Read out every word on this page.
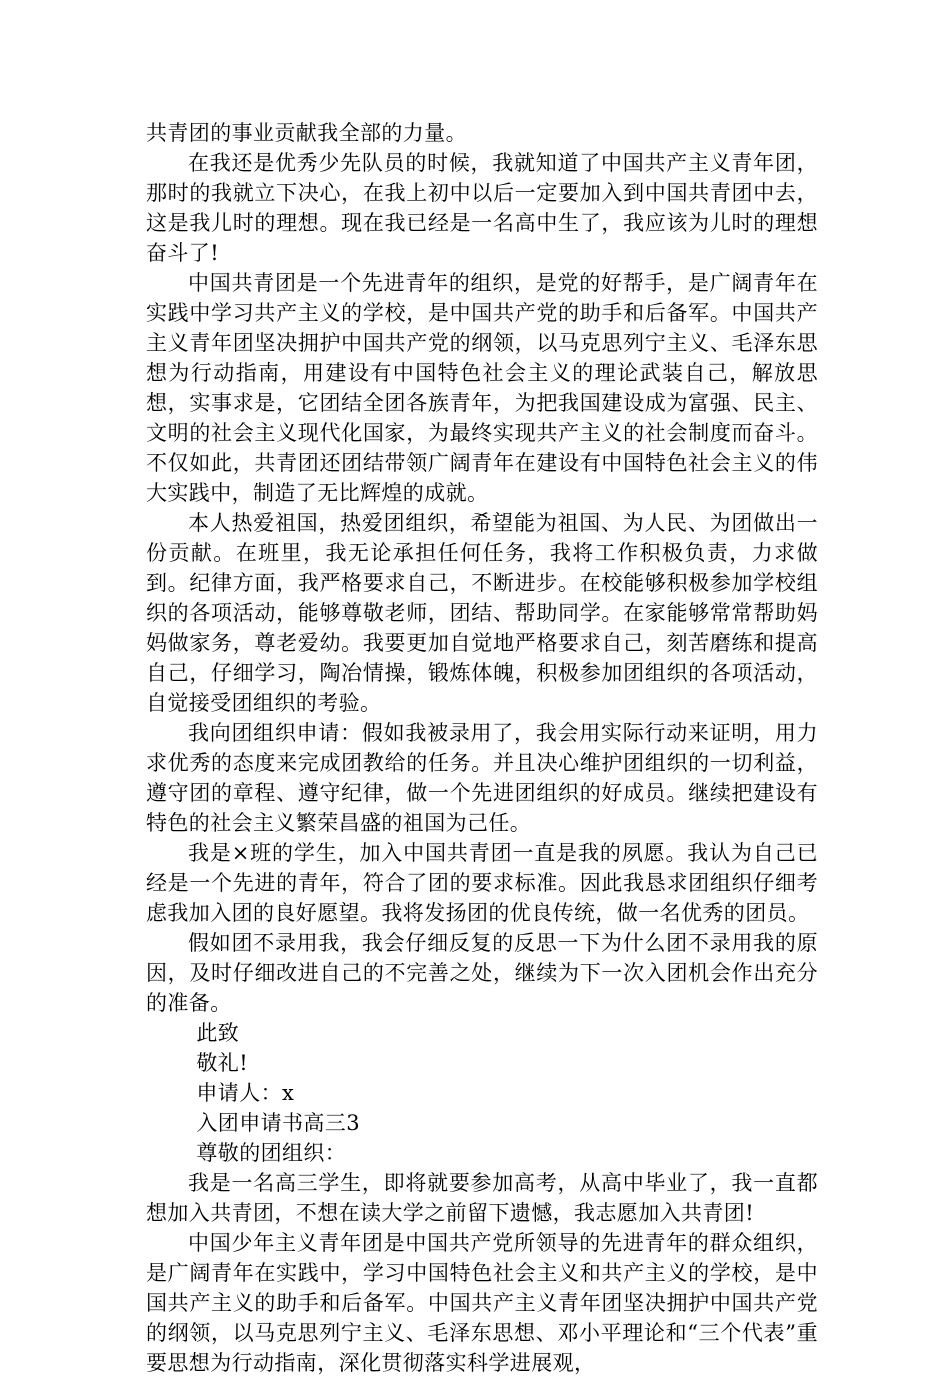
共青团的事业贡献我全部的力量。

在我还是优秀少先队员的时候，我就知道了中国共产主义青年团，那时的我就立下决心，在我上初中以后一定要加入到中国共青团中去，这是我儿时的理想。现在我已经是一名高中生了，我应该为儿时的理想奋斗了!

中国共青团是一个先进青年的组织，是党的好帮手，是广阔青年在实践中学习共产主义的学校，是中国共产党的助手和后备军。中国共产主义青年团坚决拥护中国共产党的纲领，以马克思列宁主义、毛泽东思想为行动指南，用建设有中国特色社会主义的理论武装自己，解放思想，实事求是，它团结全团各族青年，为把我国建设成为富强、民主、文明的社会主义现代化国家，为最终实现共产主义的社会制度而奋斗。不仅如此，共青团还团结带领广阔青年在建设有中国特色社会主义的伟大实践中，制造了无比辉煌的成就。

本人热爱祖国，热爱团组织，希望能为祖国、为人民、为团做出一份贡献。在班里，我无论承担任何任务，我将工作积极负责，力求做到。纪律方面，我严格要求自己，不断进步。在校能够积极参加学校组织的各项活动，能够尊敬老师，团结、帮助同学。在家能够常常帮助妈妈做家务，尊老爱幼。我要更加自觉地严格要求自己，刻苦磨练和提高自己，仔细学习，陶冶情操，锻炼体魄，积极参加团组织的各项活动，自觉接受团组织的考验。

我向团组织申请：假如我被录用了，我会用实际行动来证明，用力求优秀的态度来完成团教给的任务。并且决心维护团组织的一切利益，遵守团的章程、遵守纪律，做一个先进团组织的好成员。继续把建设有特色的社会主义繁荣昌盛的祖国为己任。

我是×班的学生，加入中国共青团一直是我的夙愿。我认为自己已经是一个先进的青年，符合了团的要求标准。因此我恳求团组织仔细考虑我加入团的良好愿望。我将发扬团的优良传统，做一名优秀的团员。

假如团不录用我，我会仔细反复的反思一下为什么团不录用我的原因，及时仔细改进自己的不完善之处，继续为下一次入团机会作出充分的准备。

此致

敬礼!

申请人：x

入团申请书高三3

尊敬的团组织：

我是一名高三学生，即将就要参加高考，从高中毕业了，我一直都想加入共青团，不想在读大学之前留下遗憾，我志愿加入共青团!

中国少年主义青年团是中国共产党所领导的先进青年的群众组织，是广阔青年在实践中，学习中国特色社会主义和共产主义的学校，是中国共产主义的助手和后备军。中国共产主义青年团坚决拥护中国共产党的纲领，以马克思列宁主义、毛泽东思想、邓小平理论和“三个代表”重要思想为行动指南，深化贯彻落实科学进展观，
